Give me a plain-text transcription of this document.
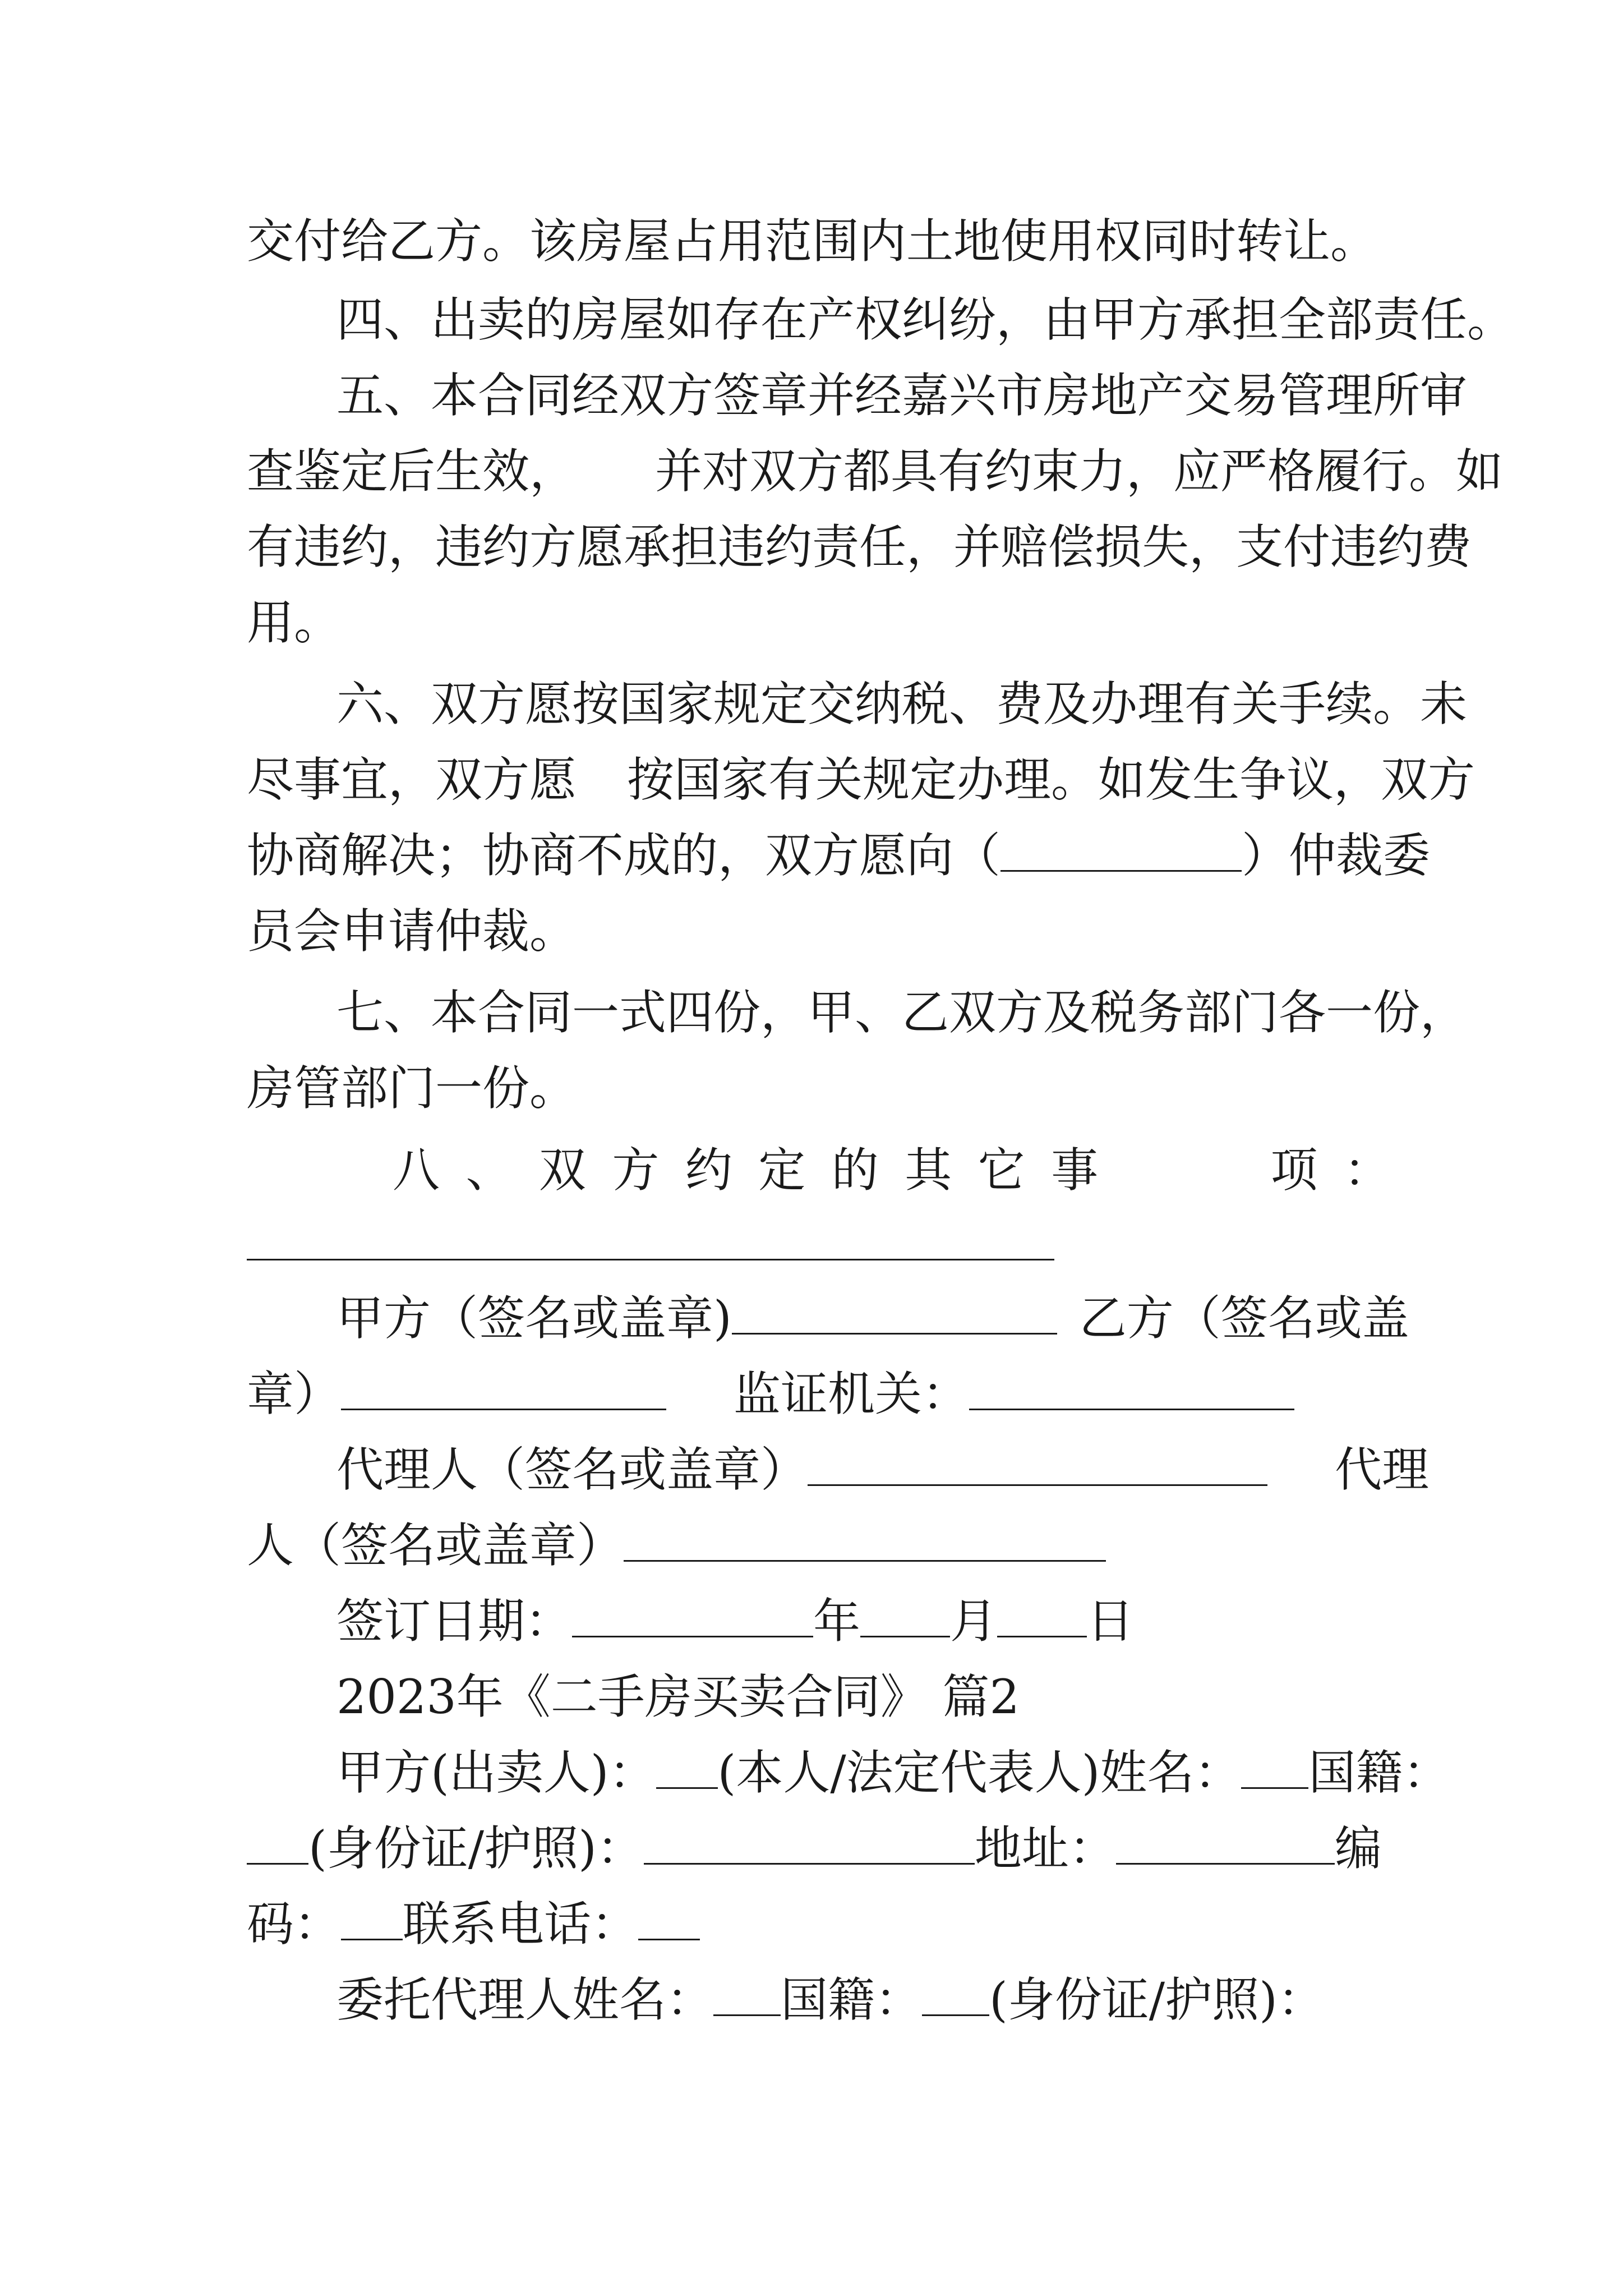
交付给乙方。该房屋占用范围内土地使用权同时转让。

四、出卖的房屋如存在产权纠纷，由甲方承担全部责任。

五、本合同经双方签章并经嘉兴市房地产交易管理所审

查鉴定后生效， 并对双方都具有约束力，应严格履行。如

有违约，违约方愿承担违约责任，并赔偿损失，支付违约费

用。

六、双方愿按国家规定交纳税、费及办理有关手续。未

尽事宜，双方愿 按国家有关规定办理。如发生争议，双方

协商解决；协商不成的，双方愿向（	）仲裁委

员会申请仲裁。

七、本合同一式四份，甲、乙双方及税务部门各一份，

房管部门一份。

八、双方约定的其它事　　项：

甲方（签名或盖章)	乙方（签名或盖

章）	监证机关：

代理人（签名或盖章）	代理

人（签名或盖章）

签订日期：	年 月 日

2023年《二手房买卖合同》 篇2

甲方(出卖人)： (本人/法定代表人)姓名： 国籍：

(身份证/护照)：	地址：	编

码： 联系电话：

委托代理人姓名： 国籍： (身份证/护照)：
